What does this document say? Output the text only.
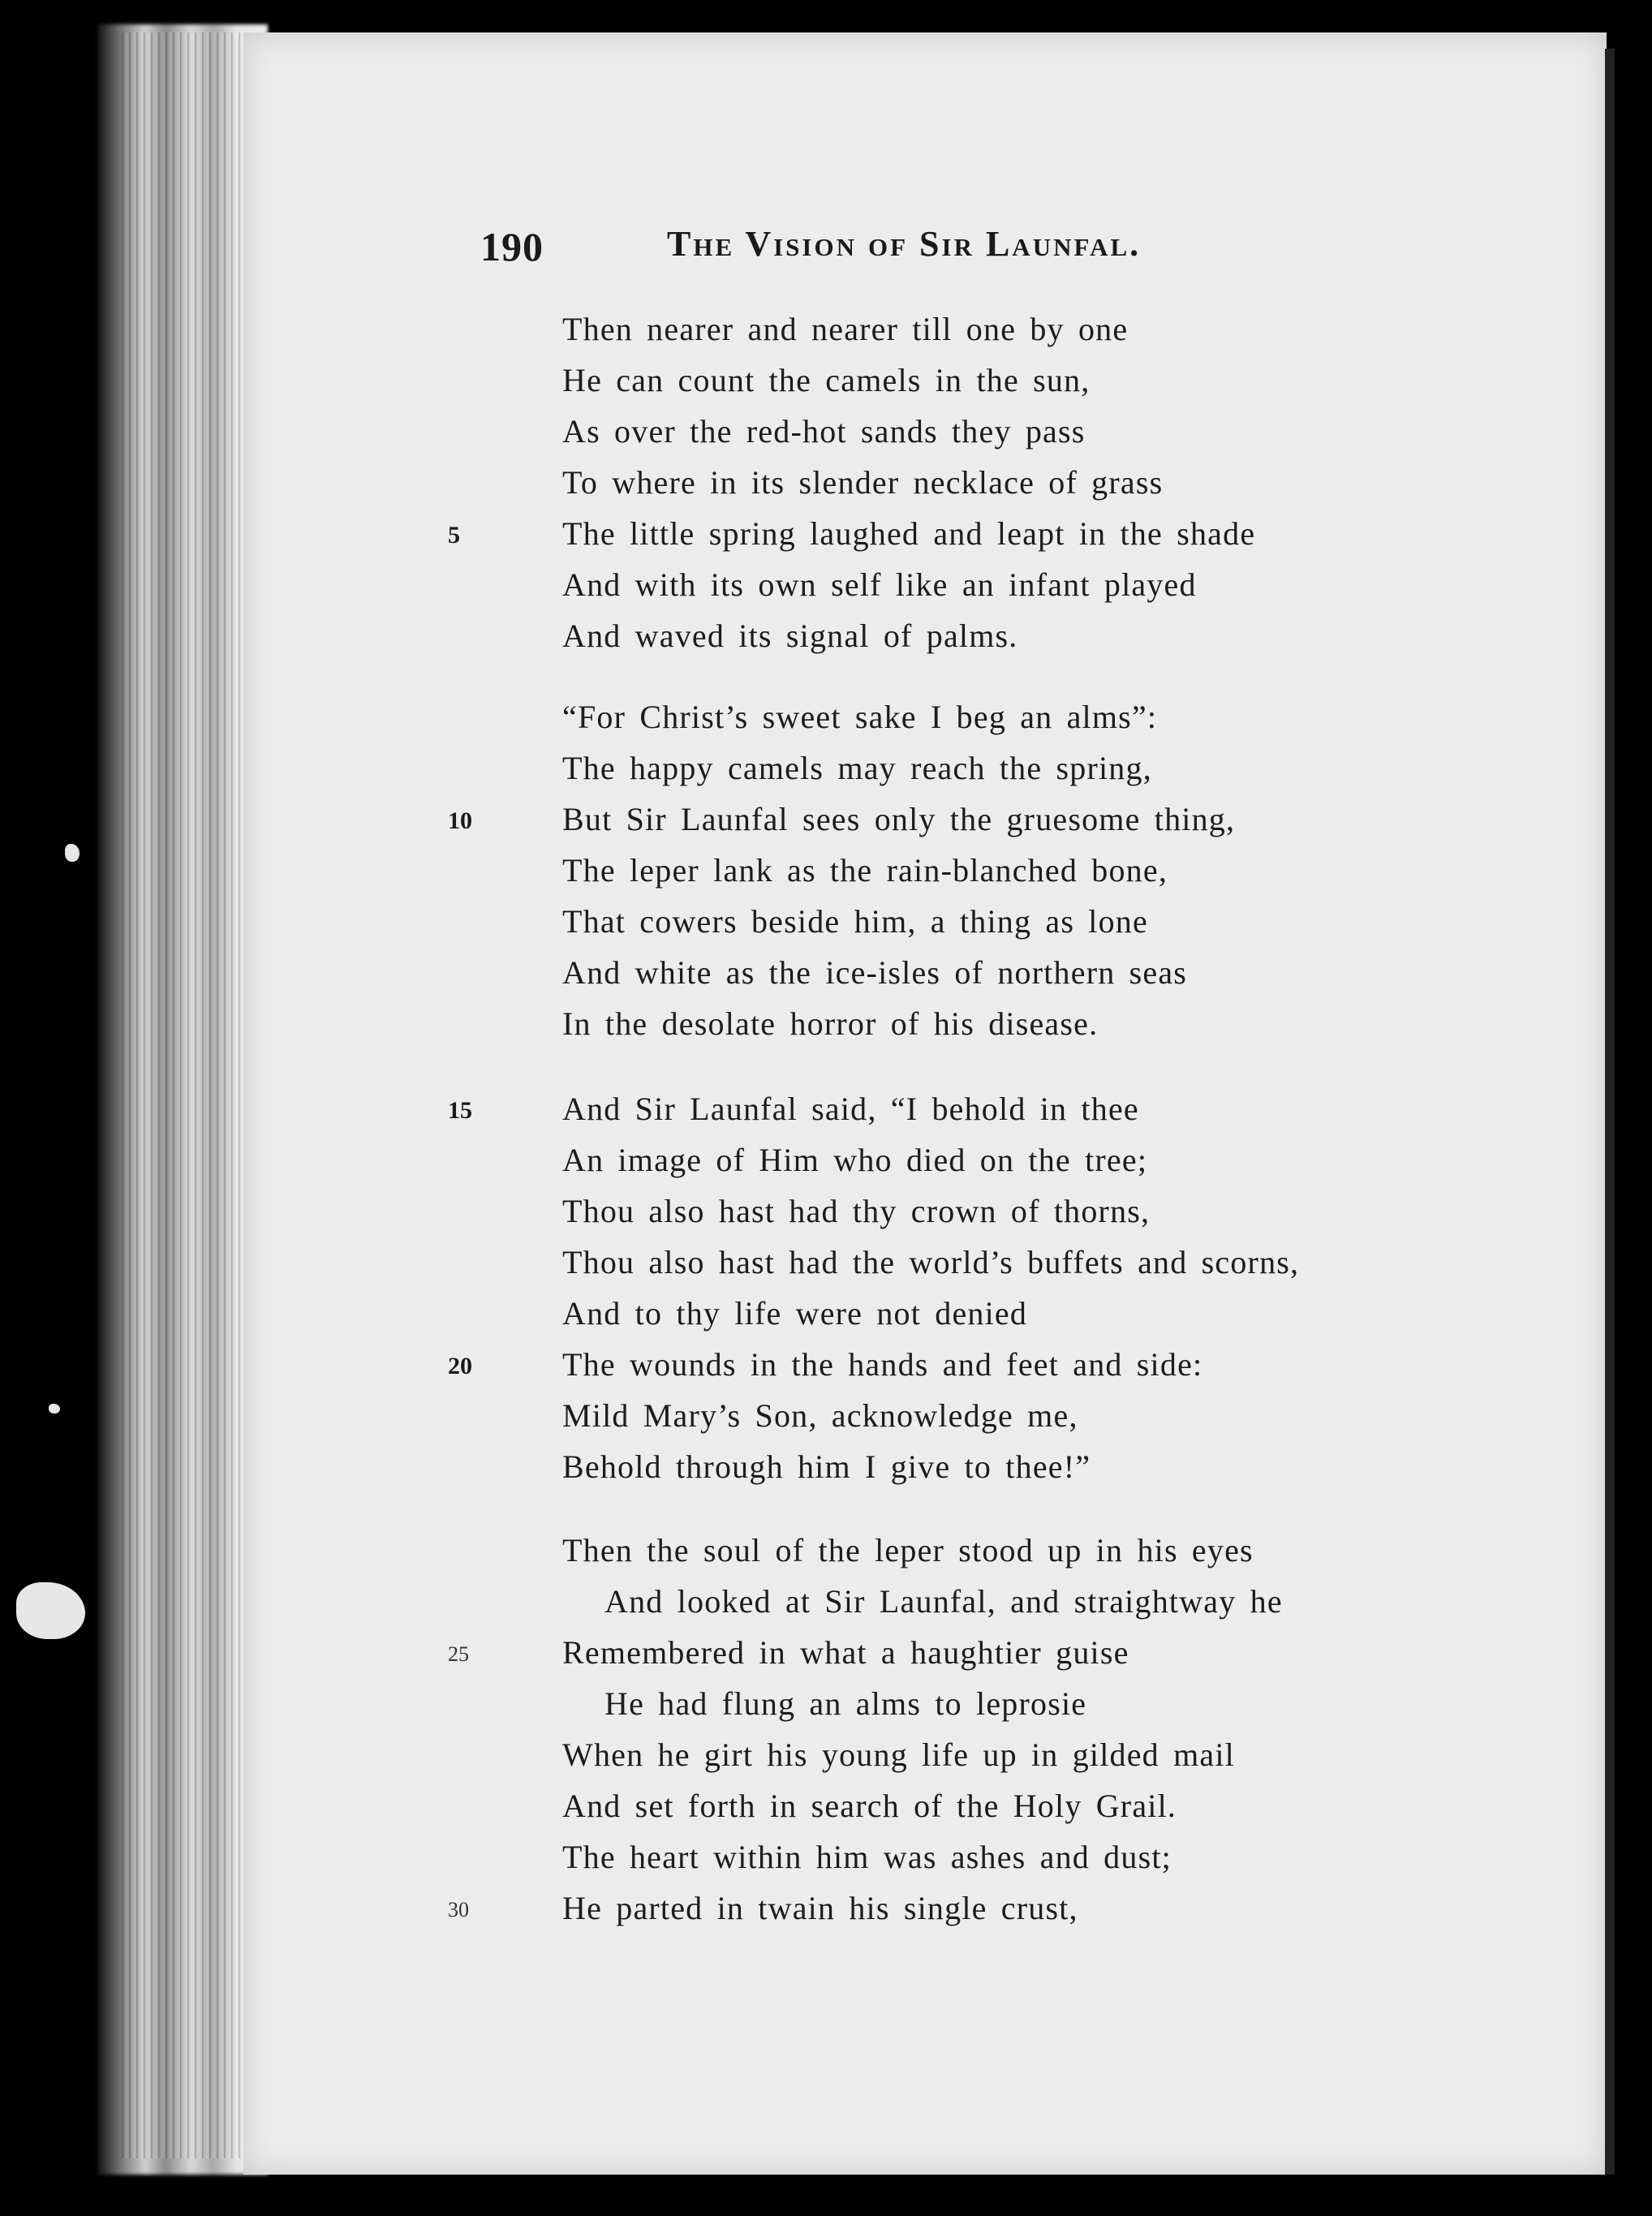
190	The Vision of Sir Launfal.
Then nearer and nearer till one by one
He can count the camels in the sun,
As over the red-hot sands they pass
To where in its slender necklace of grass
5	The little spring laughed and leapt in the shade
And with its own self like an infant played
And waved its signal of palms.
“For Christ’s sweet sake I beg an alms”:
The happy camels may reach the spring,
10	But Sir Launfal sees only the gruesome thing,
The leper lank as the rain-blanched bone,
That cowers beside him, a thing as lone
And white as the ice-isles of northern seas
In the desolate horror of his disease.
15	And Sir Launfal said, “I behold in thee
An image of Him who died on the tree;
Thou also hast had thy crown of thorns,
Thou also hast had the world’s buffets and scorns,
And to thy life were not denied
20	The wounds in the hands and feet and side:
Mild Mary’s Son, acknowledge me,
Behold through him I give to thee!”
Then the soul of the leper stood up in his eyes
And looked at Sir Launfal, and straightway he
25	Remembered in what a haughtier guise
He had flung an alms to leprosie
When he girt his young life up in gilded mail
And set forth in search of the Holy Grail.
The heart within him was ashes and dust;
30	He parted in twain his single crust,
